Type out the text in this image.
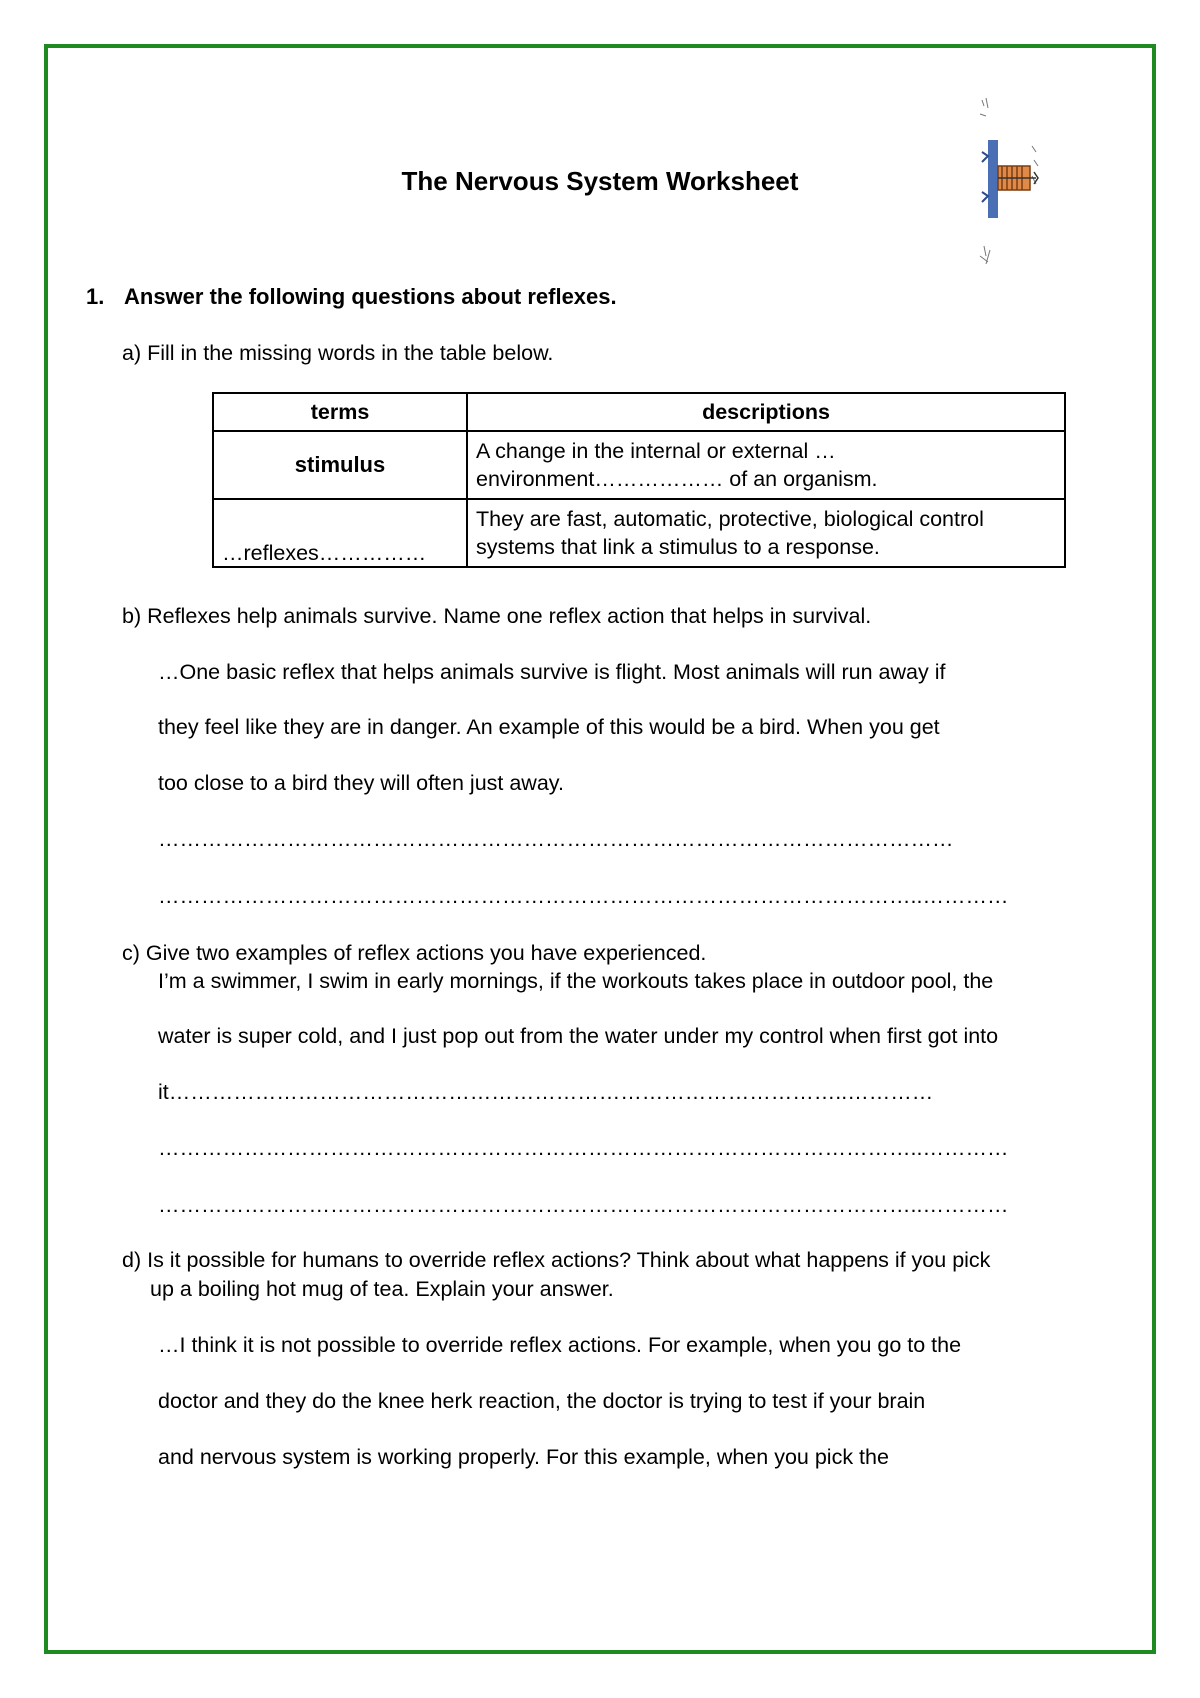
The Nervous System Worksheet
1. Answer the following questions about reflexes.
a) Fill in the missing words in the table below.
terms	descriptions
stimulus	A change in the internal or external …
environment……………… of an organism.

…reflexes……………	They are fast, automatic, protective, biological control
systems that link a stimulus to a response.
b) Reflexes help animals survive. Name one reflex action that helps in survival.
…One basic reflex that helps animals survive is flight. Most animals will run away if
they feel like they are in danger. An example of this would be a bird. When you get
too close to a bird they will often just away.
…………………………………………………………………………………………………
……………………………………………………………………………………………..…………
c) Give two examples of reflex actions you have experienced.
I’m a swimmer, I swim in early mornings, if the workouts takes place in outdoor pool, the
water is super cold, and I just pop out from the water under my control when first got into
it…………………………………………………………………………………..…………
……………………………………………………………………………………………..…………
……………………………………………………………………………………………..…………
d) Is it possible for humans to override reflex actions? Think about what happens if you pick
up a boiling hot mug of tea. Explain your answer.
…I think it is not possible to override reflex actions. For example, when you go to the
doctor and they do the knee herk reaction, the doctor is trying to test if your brain
and nervous system is working properly. For this example, when you pick the
